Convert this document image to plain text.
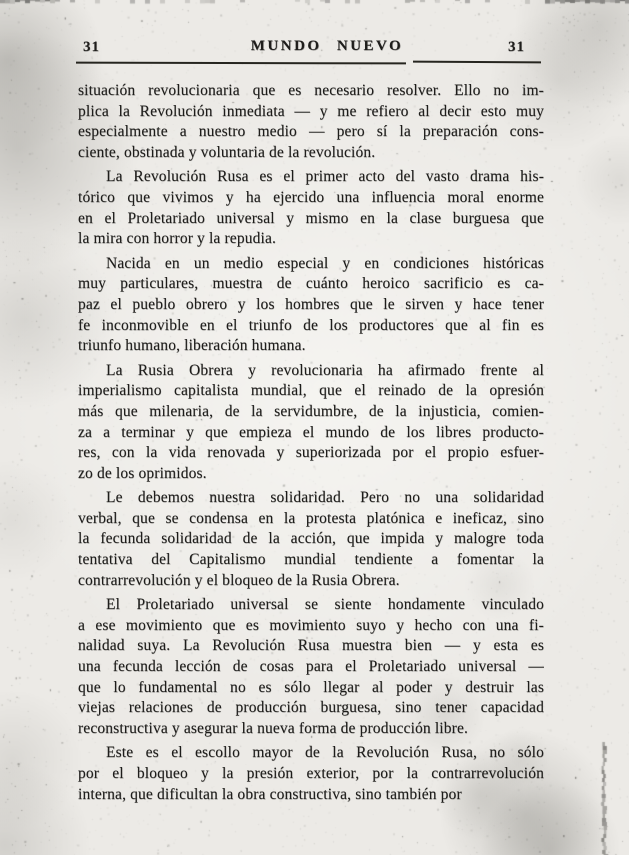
31	MUNDO NUEVO	31

situación revolucionaria que es necesario resolver. Ello no im-
plica la Revolución inmediata — y me refiero al decir esto muy
especialmente a nuestro medio — pero sí la preparación cons-
ciente, obstinada y voluntaria de la revolución.

La Revolución Rusa es el primer acto del vasto drama his-
tórico que vivimos y ha ejercido una influencia moral enorme
en el Proletariado universal y mismo en la clase burguesa que
la mira con horror y la repudia.

Nacida en un medio especial y en condiciones históricas
muy particulares, muestra de cuánto heroico sacrificio es ca-
paz el pueblo obrero y los hombres que le sirven y hace tener
fe inconmovible en el triunfo de los productores que al fin es
triunfo humano, liberación humana.

La Rusia Obrera y revolucionaria ha afirmado frente al
imperialismo capitalista mundial, que el reinado de la opresión
más que milenaria, de la servidumbre, de la injusticia, comien-
za a terminar y que empieza el mundo de los libres producto-
res, con la vida renovada y superiorizada por el propio esfuer-
zo de los oprimidos.

Le debemos nuestra solidaridad. Pero no una solidaridad
verbal, que se condensa en la protesta platónica e ineficaz, sino
la fecunda solidaridad de la acción, que impida y malogre toda
tentativa del Capitalismo mundial tendiente a fomentar la
contrarrevolución y el bloqueo de la Rusia Obrera.

El Proletariado universal se siente hondamente vinculado
a ese movimiento que es movimiento suyo y hecho con una fi-
nalidad suya. La Revolución Rusa muestra bien — y esta es
una fecunda lección de cosas para el Proletariado universal —
que lo fundamental no es sólo llegar al poder y destruir las
viejas relaciones de producción burguesa, sino tener capacidad
reconstructiva y asegurar la nueva forma de producción libre.

Este es el escollo mayor de la Revolución Rusa, no sólo
por el bloqueo y la presión exterior, por la contrarrevolución
interna, que dificultan la obra constructiva, sino también por
